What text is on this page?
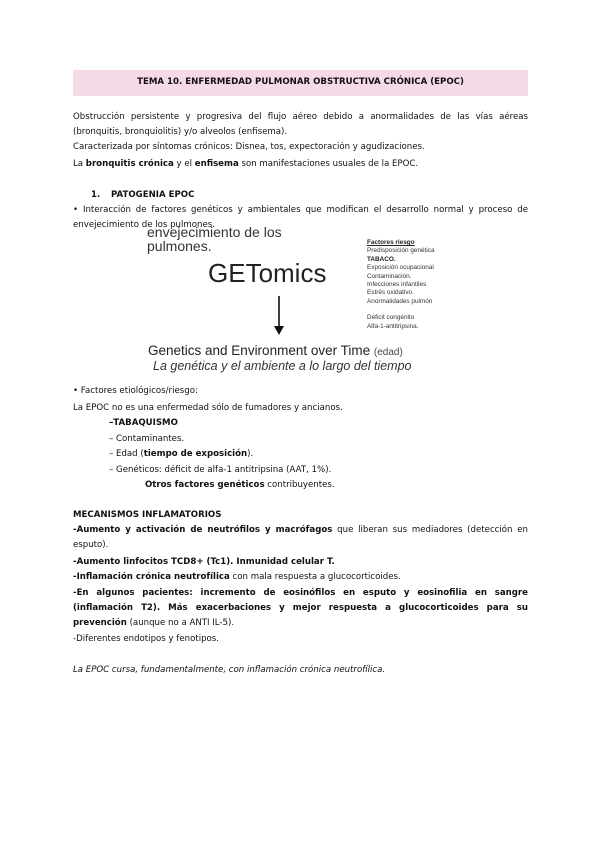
TEMA 10. ENFERMEDAD PULMONAR OBSTRUCTIVA CRÓNICA (EPOC)
Obstrucción persistente y progresiva del flujo aéreo debido a anormalidades de las vías aéreas (bronquitis, bronquiolitis) y/o alveolos (enfisema).
Caracterizada por síntomas crónicos: Disnea, tos, expectoración y agudizaciones.
La bronquitis crónica y el enfisema son manifestaciones usuales de la EPOC.
1. PATOGENIA EPOC
• Interacción de factores genéticos y ambientales que modifican el desarrollo normal y proceso de envejecimiento de los pulmones.
envejecimiento de los pulmones.
GETomics
Genetics and Environment over Time (edad)
La genética y el ambiente a lo largo del tiempo
Factores riesgo
Predisposición genética
TABACO.
Exposición ocupacional
Contaminación.
Infecciones infantiles
Estrés oxidativo.
Anormalidades pulmón
Déficit congénito
Alfa-1-antitripsina.
• Factores etiológicos/riesgo:
La EPOC no es una enfermedad sólo de fumadores y ancianos.
–TABAQUISMO
– Contaminantes.
– Edad (tiempo de exposición).
– Genéticos: déficit de alfa-1 antitripsina (AAT, 1%).
Otros factores genéticos contribuyentes.
MECANISMOS INFLAMATORIOS
-Aumento y activación de neutrófilos y macrófagos que liberan sus mediadores (detección en esputo).
-Aumento linfocitos TCD8+ (Tc1). Inmunidad celular T.
-Inflamación crónica neutrofílica con mala respuesta a glucocorticoides.
-En algunos pacientes: incremento de eosinófilos en esputo y eosinofilia en sangre (inflamación T2). Más exacerbaciones y mejor respuesta a glucocorticoides para su prevención (aunque no a ANTI IL-5).
-Diferentes endotipos y fenotipos.
La EPOC cursa, fundamentalmente, con inflamación crónica neutrofílica.
